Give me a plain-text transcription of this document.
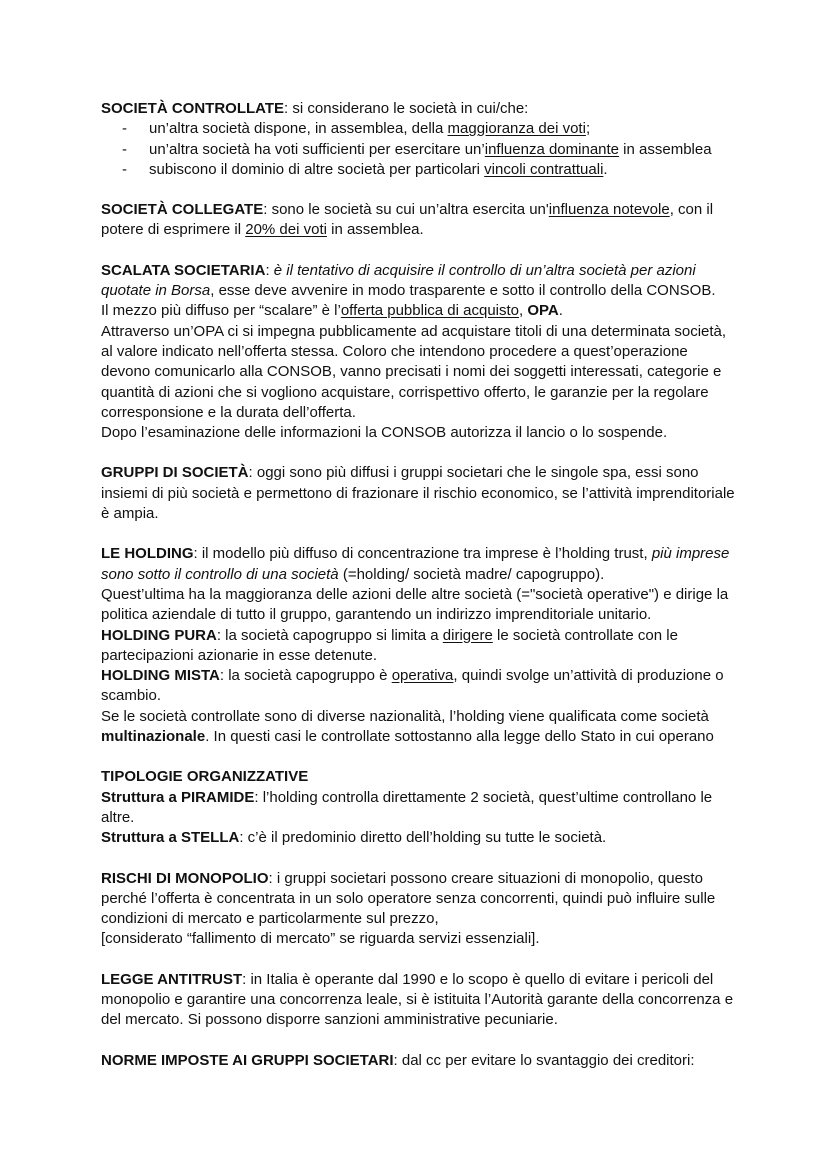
SOCIETÀ CONTROLLATE: si considerano le società in cui/che:

- un’altra società dispone, in assemblea, della maggioranza dei voti;
- un’altra società ha voti sufficienti per esercitare un’influenza dominante in assemblea
- subiscono il dominio di altre società per particolari vincoli contrattuali.

SOCIETÀ COLLEGATE: sono le società su cui un’altra esercita un'influenza notevole, con il potere di esprimere il 20% dei voti in assemblea.

SCALATA SOCIETARIA: è il tentativo di acquisire il controllo di un’altra società per azioni quotate in Borsa, esse deve avvenire in modo trasparente e sotto il controllo della CONSOB.
Il mezzo più diffuso per “scalare” è l’offerta pubblica di acquisto, OPA.

Attraverso un’OPA ci si impegna pubblicamente ad acquistare titoli di una determinata società, al valore indicato nell’offerta stessa. Coloro che intendono procedere a quest’operazione devono comunicarlo alla CONSOB, vanno precisati i nomi dei soggetti interessati, categorie e quantità di azioni che si vogliono acquistare, corrispettivo offerto, le garanzie per la regolare corresponsione e la durata dell’offerta.

Dopo l’esaminazione delle informazioni la CONSOB autorizza il lancio o lo sospende.

GRUPPI DI SOCIETÀ: oggi sono più diffusi i gruppi societari che le singole spa, essi sono insiemi di più società e permettono di frazionare il rischio economico, se l’attività imprenditoriale è ampia.

LE HOLDING: il modello più diffuso di concentrazione tra imprese è l’holding trust, più imprese sono sotto il controllo di una società (=holding/ società madre/ capogruppo).
Quest’ultima ha la maggioranza delle azioni delle altre società (="società operative") e dirige la politica aziendale di tutto il gruppo, garantendo un indirizzo imprenditoriale unitario.

HOLDING PURA: la società capogruppo si limita a dirigere le società controllate con le partecipazioni azionarie in esse detenute.

HOLDING MISTA: la società capogruppo è operativa, quindi svolge un’attività di produzione o scambio.

Se le società controllate sono di diverse nazionalità, l’holding viene qualificata come società multinazionale. In questi casi le controllate sottostanno alla legge dello Stato in cui operano

TIPOLOGIE ORGANIZZATIVE

Struttura a PIRAMIDE: l’holding controlla direttamente 2 società, quest’ultime controllano le altre.

Struttura a STELLA: c’è il predominio diretto dell’holding su tutte le società.

RISCHI DI MONOPOLIO: i gruppi societari possono creare situazioni di monopolio, questo perché l’offerta è concentrata in un solo operatore senza concorrenti, quindi può influire sulle condizioni di mercato e particolarmente sul prezzo,

[considerato “fallimento di mercato” se riguarda servizi essenziali].

LEGGE ANTITRUST: in Italia è operante dal 1990 e lo scopo è quello di evitare i pericoli del monopolio e garantire una concorrenza leale, si è istituita l’Autorità garante della concorrenza e del mercato. Si possono disporre sanzioni amministrative pecuniarie.

NORME IMPOSTE AI GRUPPI SOCIETARI: dal cc per evitare lo svantaggio dei creditori:
